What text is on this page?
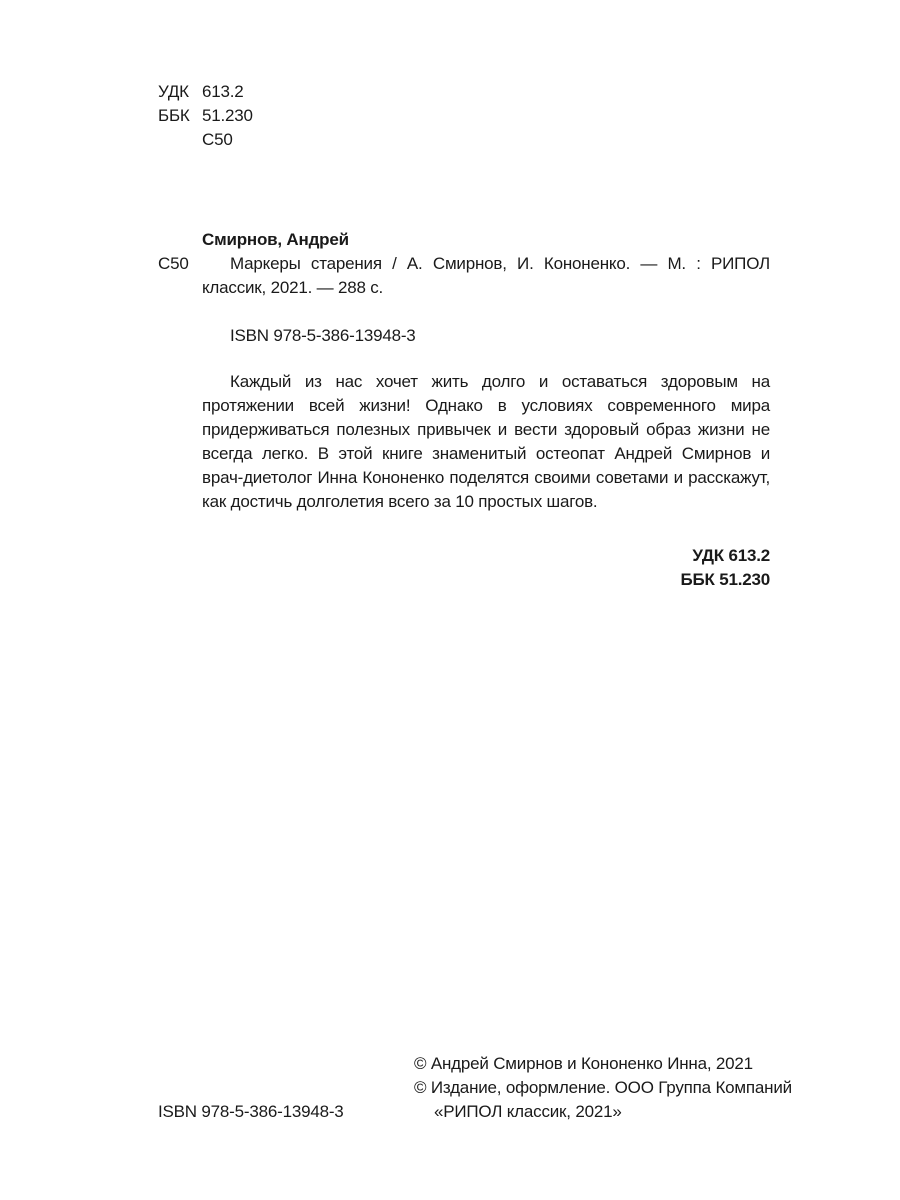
УДК 613.2
ББК 51.230
С50
Смирнов, Андрей
С50	Маркеры старения / А. Смирнов, И. Кононенко. — М. : РИПОЛ классик, 2021. — 288 с.
ISBN 978-5-386-13948-3
Каждый из нас хочет жить долго и оставаться здоровым на протяжении всей жизни! Однако в условиях современного мира придерживаться полезных привычек и вести здоровый образ жизни не всегда легко. В этой книге знаменитый остеопат Андрей Смирнов и врач-диетолог Инна Кононенко поделятся своими советами и расскажут, как достичь долголетия всего за 10 простых шагов.
УДК 613.2
ББК 51.230
© Андрей Смирнов и Кононенко Инна, 2021
© Издание, оформление. ООО Группа Компаний
«РИПОЛ классик, 2021»
ISBN 978-5-386-13948-3
